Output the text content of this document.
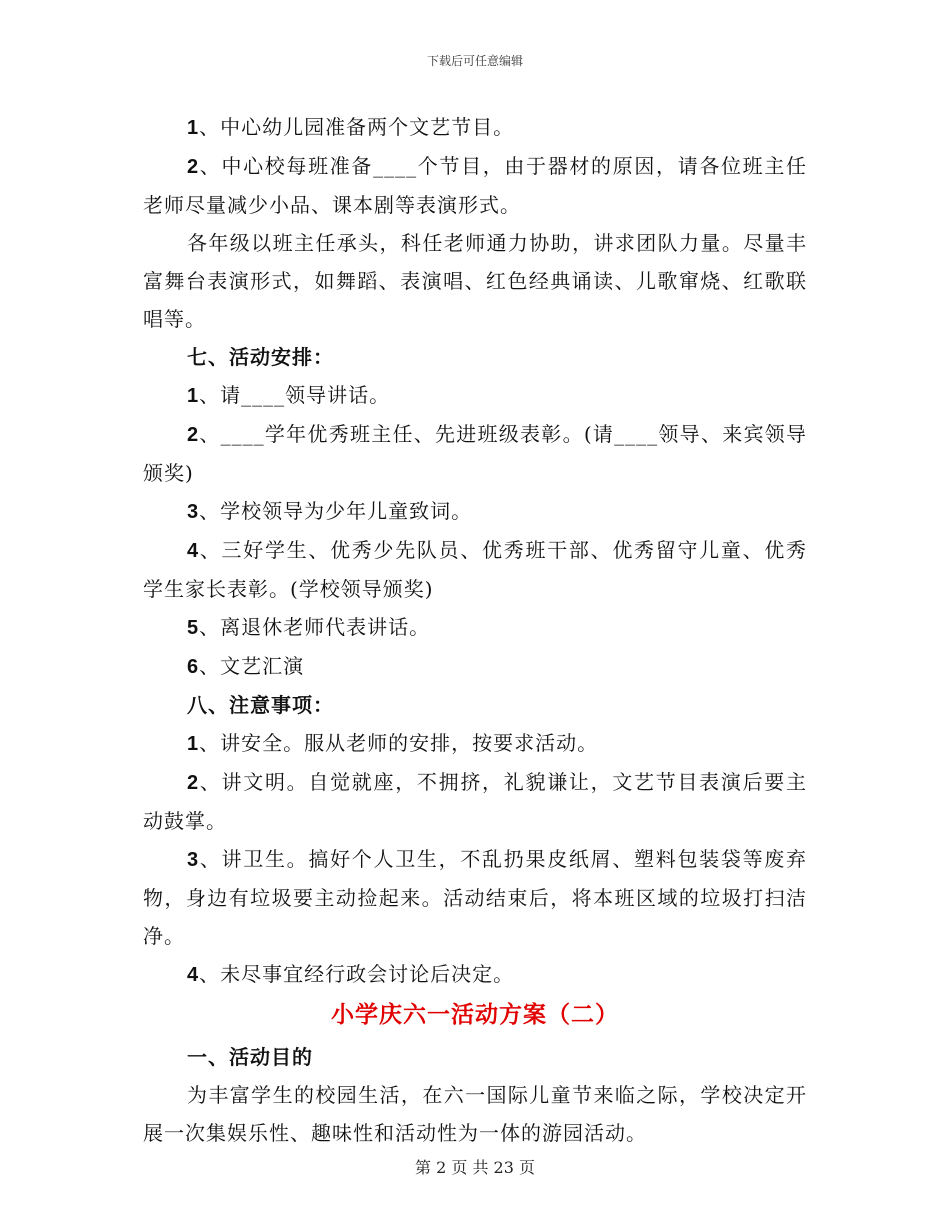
下载后可任意编辑

1、中心幼儿园准备两个文艺节目。

2、中心校每班准备____个节目，由于器材的原因，请各位班主任老师尽量减少小品、课本剧等表演形式。

各年级以班主任承头，科任老师通力协助，讲求团队力量。尽量丰富舞台表演形式，如舞蹈、表演唱、红色经典诵读、儿歌窜烧、红歌联唱等。

七、活动安排：

1、请____领导讲话。

2、____学年优秀班主任、先进班级表彰。(请____领导、来宾领导颁奖)

3、学校领导为少年儿童致词。

4、三好学生、优秀少先队员、优秀班干部、优秀留守儿童、优秀学生家长表彰。(学校领导颁奖)

5、离退休老师代表讲话。

6、文艺汇演

八、注意事项：

1、讲安全。服从老师的安排，按要求活动。

2、讲文明。自觉就座，不拥挤，礼貌谦让，文艺节目表演后要主动鼓掌。

3、讲卫生。搞好个人卫生，不乱扔果皮纸屑、塑料包装袋等废弃物，身边有垃圾要主动捡起来。活动结束后，将本班区域的垃圾打扫洁净。

4、未尽事宜经行政会讨论后决定。

小学庆六一活动方案（二）

一、活动目的

为丰富学生的校园生活，在六一国际儿童节来临之际，学校决定开展一次集娱乐性、趣味性和活动性为一体的游园活动。

第 2 页 共 23 页
